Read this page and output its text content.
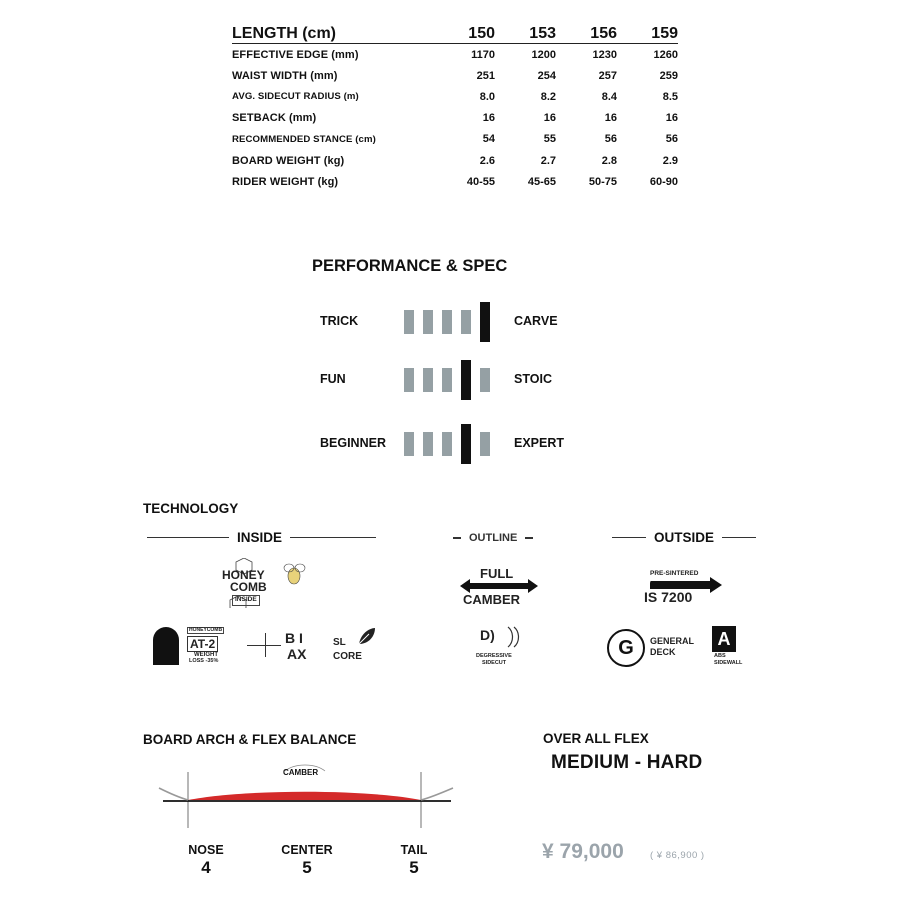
LENGTH (cm)	150	153	156	159
EFFECTIVE EDGE (mm)	1170	1200	1230	1260
WAIST WIDTH (mm)	251	254	257	259
AVG. SIDECUT RADIUS (m)	8.0	8.2	8.4	8.5
SETBACK (mm)	16	16	16	16
RECOMMENDED STANCE (cm)	54	55	56	56
BOARD WEIGHT (kg)	2.6	2.7	2.8	2.9
RIDER WEIGHT (kg)	40-55	45-65	50-75	60-90
PERFORMANCE & SPEC
TRICK	CARVE
FUN	STOIC
BEGINNER	EXPERT
TECHNOLOGY
INSIDE	OUTLINE	OUTSIDE
HONEY
COMB
INSIDE
HONEYCOMB
AT-2
WEIGHT
LOSS -35%
B I
AX
SL
CORE
FULL
CAMBER
D)
DEGRESSIVE
SIDECUT
PRE-SINTERED
IS 7200
G GENERAL
DECK
A
ABS
SIDEWALL
BOARD ARCH & FLEX BALANCE
CAMBER
NOSE
4
CENTER
5
TAIL
5
OVER ALL FLEX
MEDIUM - HARD
¥ 79,000	( ¥ 86,900 )
